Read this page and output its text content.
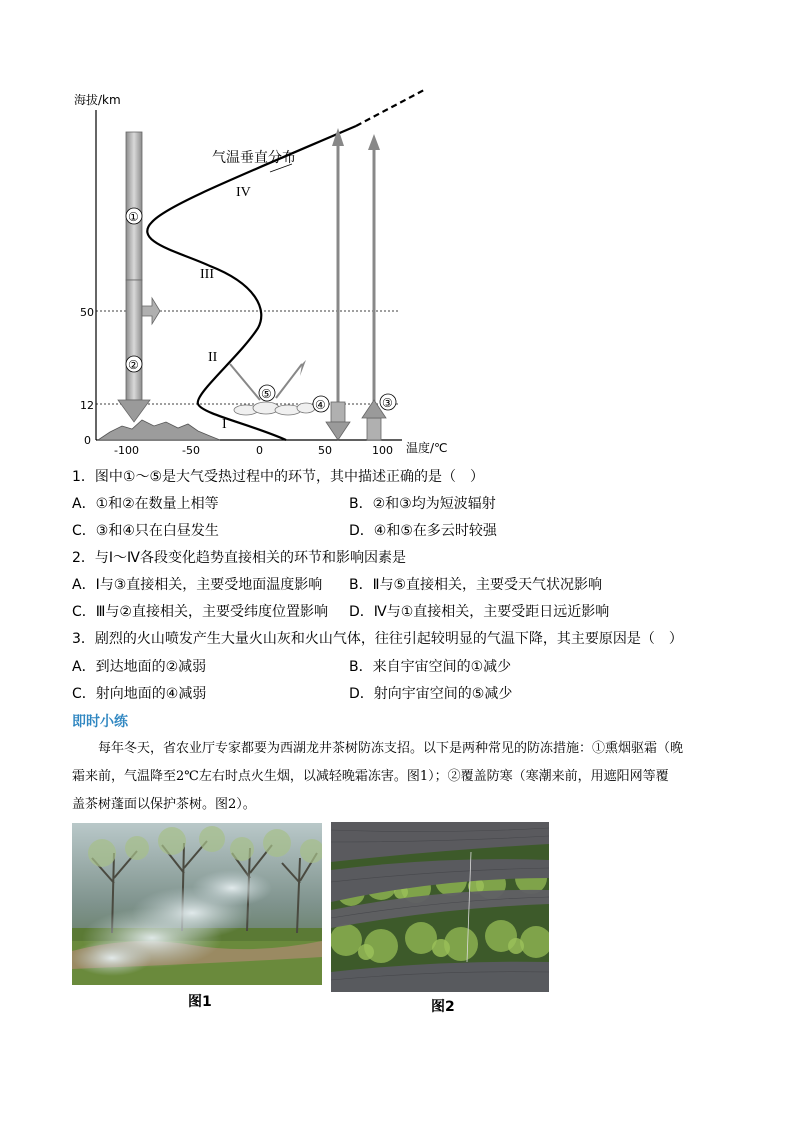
海拔/km
温度/℃
0
12
50
-100	-50	0	50	100
①
②
气温垂直分布
IV
III
II
I
⑤
④	③
1．图中①～⑤是大气受热过程中的环节，其中描述正确的是（　）
A．①和②在数量上相等	B．②和③均为短波辐射
C．③和④只在白昼发生	D．④和⑤在多云时较强
2．与Ⅰ～Ⅳ各段变化趋势直接相关的环节和影响因素是
A．Ⅰ与③直接相关，主要受地面温度影响 B．Ⅱ与⑤直接相关，主要受天气状况影响
C．Ⅲ与②直接相关，主要受纬度位置影响 D．Ⅳ与①直接相关，主要受距日远近影响
3．剧烈的火山喷发产生大量火山灰和火山气体，往往引起较明显的气温下降，其主要原因是（　）
A．到达地面的②减弱	B．来自宇宙空间的①减少
C．射向地面的④减弱	D．射向宇宙空间的⑤减少
即时小练
每年冬天，省农业厅专家都要为西湖龙井茶树防冻支招。以下是两种常见的防冻措施：①熏烟驱霜（晚
霜来前，气温降至2℃左右时点火生烟，以减轻晚霜冻害。图1）；②覆盖防寒（寒潮来前，用遮阳网等覆
盖茶树蓬面以保护茶树。图2）。
图1	图2
